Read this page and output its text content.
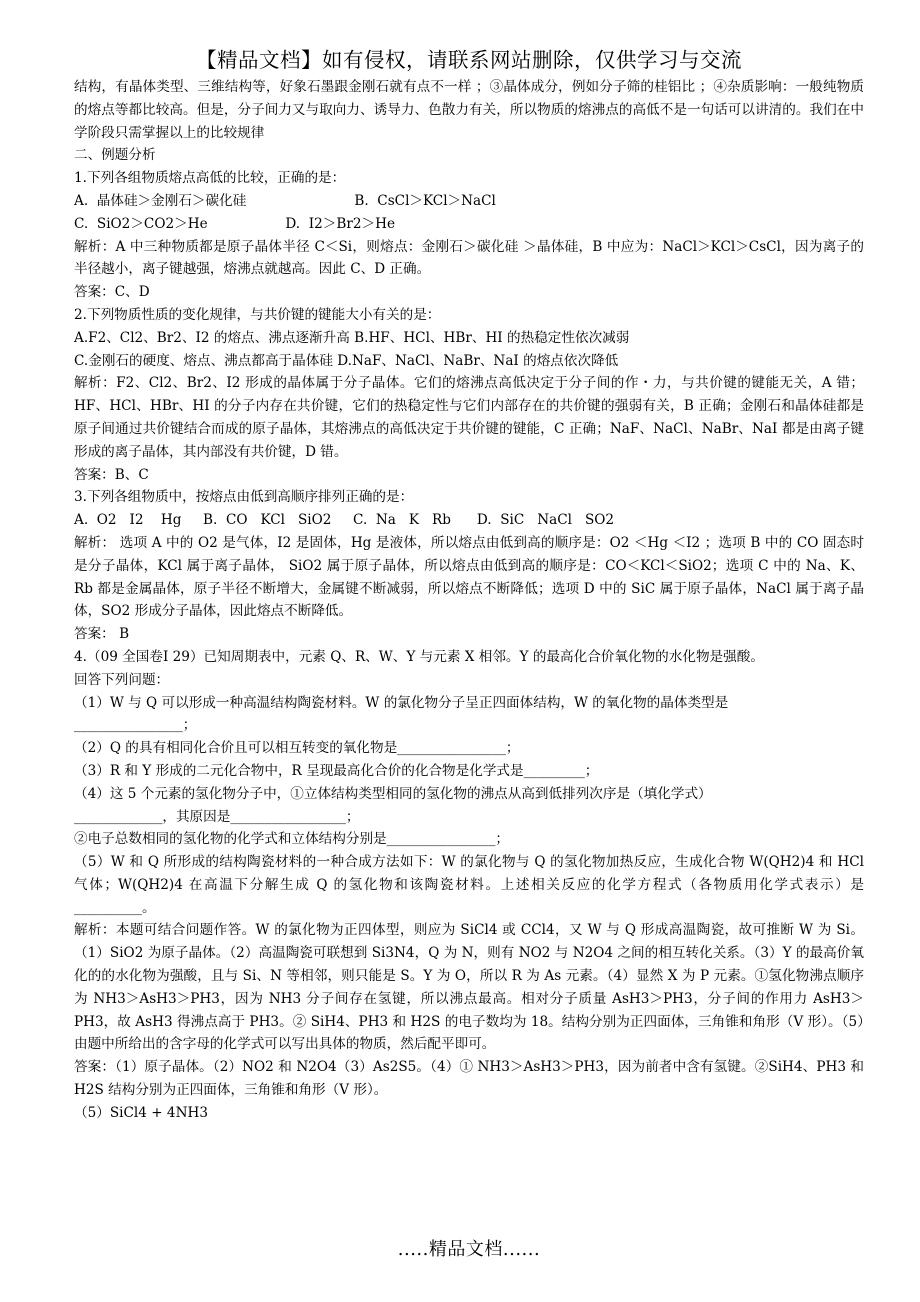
【精品文档】如有侵权，请联系网站删除，仅供学习与交流

结构，有晶体类型、三维结构等，好象石墨跟金刚石就有点不一样 ；③晶体成分，例如分子筛的桂铝比 ；④杂质影响：一般纯物质的熔点等都比较高。但是，分子间力又与取向力、诱导力、色散力有关，所以物质的熔沸点的高低不是一句话可以讲清的。我们在中学阶段只需掌握以上的比较规律

二、例题分析

1.下列各组物质熔点高低的比较，正确的是：

A.  晶体硅＞金刚石＞碳化硅                         B.  CsCl＞KCl＞NaCl

C.  SiO2＞CO2＞He                  D.  I2＞Br2＞He

解析：A 中三种物质都是原子晶体半径 C＜Si，则熔点：金刚石＞碳化硅 ＞晶体硅，B 中应为：NaCl＞KCl＞CsCl，因为离子的半径越小，离子键越强，熔沸点就越高。因此 C、D 正确。

答案：C、D

2.下列物质性质的变化规律，与共价键的键能大小有关的是：

A.F2、Cl2、Br2、I2 的熔点、沸点逐渐升高 B.HF、HCl、HBr、HI 的热稳定性依次减弱

C.金刚石的硬度、熔点、沸点都高于晶体硅 D.NaF、NaCl、NaBr、NaI 的熔点依次降低

解析：F2、Cl2、Br2、I2 形成的晶体属于分子晶体。它们的熔沸点高低决定于分子间的作・力，与共价键的键能无关，A 错；HF、HCl、HBr、HI 的分子内存在共价键，它们的热稳定性与它们内部存在的共价键的强弱有关，B 正确；金刚石和晶体硅都是原子间通过共价键结合而成的原子晶体，其熔沸点的高低决定于共价键的键能，C 正确；NaF、NaCl、NaBr、NaI 都是由离子键形成的离子晶体，其内部没有共价键，D 错。

答案：B、C

3.下列各组物质中，按熔点由低到高顺序排列正确的是：

A.  O2   I2    Hg     B.  CO   KCl   SiO2     C.  Na   K   Rb      D.  SiC   NaCl   SO2

解析： 选项 A 中的 O2 是气体，I2 是固体，Hg 是液体，所以熔点由低到高的顺序是：O2 ＜Hg ＜I2 ；选项 B 中的 CO 固态时是分子晶体，KCl 属于离子晶体， SiO2 属于原子晶体，所以熔点由低到高的顺序是：CO＜KCl＜SiO2；选项 C 中的 Na、K、Rb 都是金属晶体，原子半径不断增大，金属键不断减弱，所以熔点不断降低；选项 D 中的 SiC 属于原子晶体，NaCl 属于离子晶体，SO2 形成分子晶体，因此熔点不断降低。

答案： B

4.（09 全国卷Ⅰ 29）已知周期表中，元素 Q、R、W、Y 与元素 X 相邻。Y 的最高化合价氧化物的水化物是强酸。

回答下列问题：

（1）W 与 Q 可以形成一种高温结构陶瓷材料。W 的氯化物分子呈正四面体结构，W 的氧化物的晶体类型是

________________；

（2）Q 的具有相同化合价且可以相互转变的氧化物是________________；

（3）R 和 Y 形成的二元化合物中，R 呈现最高化合价的化合物是化学式是_________；

（4）这 5 个元素的氢化物分子中，①立体结构类型相同的氢化物的沸点从高到低排列次序是（填化学式）

_____________，其原因是_________________；

②电子总数相同的氢化物的化学式和立体结构分别是________________；

（5）W 和 Q 所形成的结构陶瓷材料的一种合成方法如下：W 的氯化物与 Q 的氢化物加热反应，生成化合物 W(QH2)4 和 HCl 气体；W(QH2)4 在高温下分解生成 Q 的氢化物和该陶瓷材料。上述相关反应的化学方程式（各物质用化学式表示）是__________。

解析：本题可结合问题作答。W 的氯化物为正四体型，则应为 SiCl4 或 CCl4，又 W 与 Q 形成高温陶瓷，故可推断 W 为 Si。（1）SiO2 为原子晶体。（2）高温陶瓷可联想到 Si3N4，Q 为 N，则有 NO2 与 N2O4 之间的相互转化关系。（3）Y 的最高价氧化的的水化物为强酸，且与 Si、N 等相邻，则只能是 S。Y 为 O，所以 R 为 As 元素。（4）显然 X 为 P 元素。①氢化物沸点顺序为 NH3＞AsH3＞PH3，因为 NH3 分子间存在氢键，所以沸点最高。相对分子质量 AsH3＞PH3，分子间的作用力 AsH3＞PH3，故 AsH3 得沸点高于 PH3。② SiH4、PH3 和 H2S 的电子数均为 18。结构分别为正四面体，三角锥和角形（V 形）。（5）由题中所给出的含字母的化学式可以写出具体的物质，然后配平即可。

答案：（1）原子晶体。（2）NO2 和 N2O4（3）As2S5。（4）① NH3＞AsH3＞PH3，因为前者中含有氢键。②SiH4、PH3 和 H2S 结构分别为正四面体，三角锥和角形（V 形）。

（5）SiCl4 + 4NH3

.....精品文档......
